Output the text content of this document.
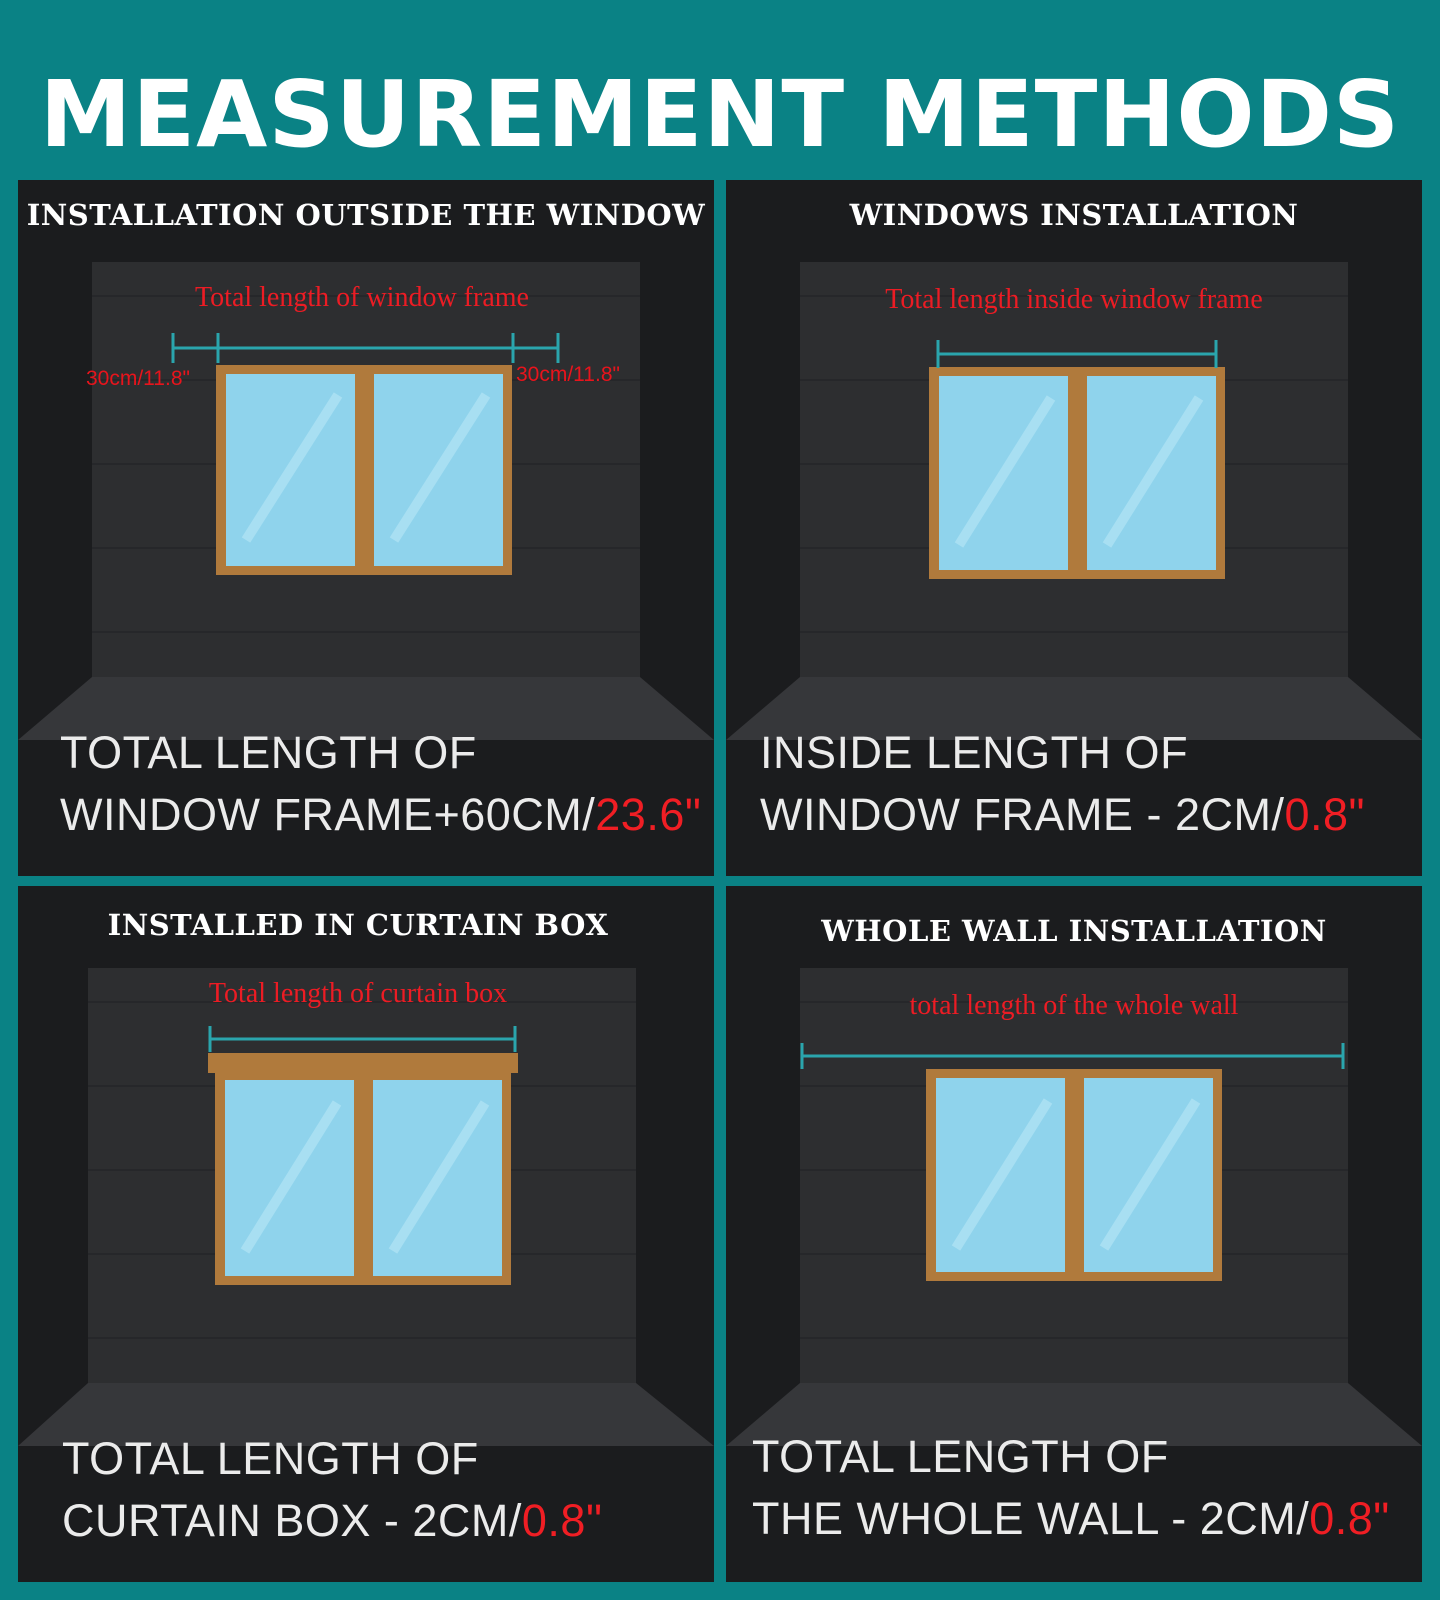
MEASUREMENT METHODS
INSTALLATION OUTSIDE THE WINDOW
Total length of window frame
30cm/11.8"	30cm/11.8"
TOTAL LENGTH OF
WINDOW FRAME+60CM/23.6"
WINDOWS INSTALLATION
Total length inside window frame
INSIDE LENGTH OF
WINDOW FRAME - 2CM/0.8"
INSTALLED IN CURTAIN BOX
Total length of curtain box
TOTAL LENGTH OF
CURTAIN BOX - 2CM/0.8"
WHOLE WALL INSTALLATION
total length of the whole wall
TOTAL LENGTH OF
THE WHOLE WALL - 2CM/0.8"
